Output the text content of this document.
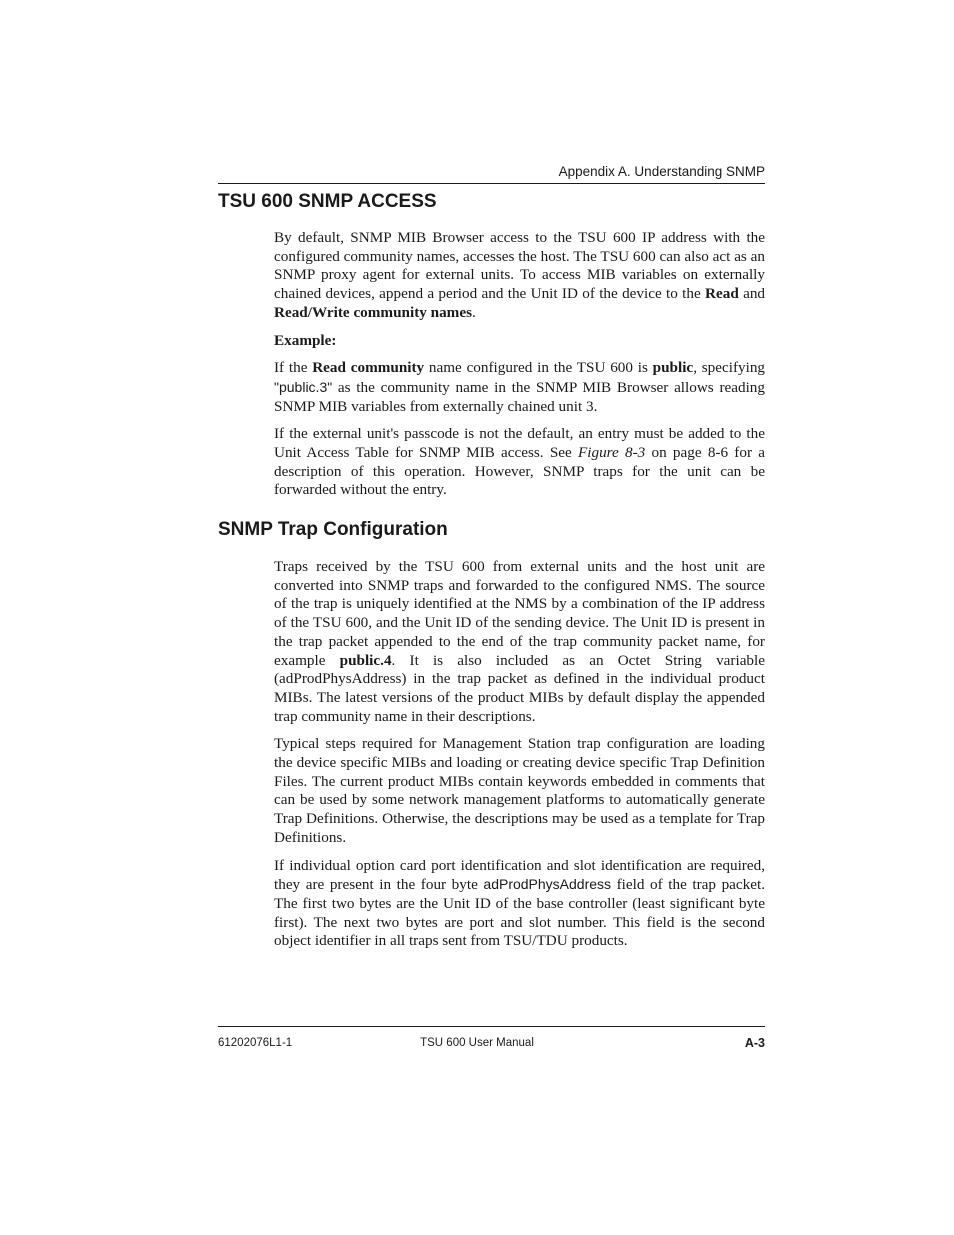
Appendix A. Understanding SNMP
TSU 600 SNMP ACCESS

By default, SNMP MIB Browser access to the TSU 600 IP address with the configured community names, accesses the host. The TSU 600 can also act as an SNMP proxy agent for external units. To access MIB variables on externally chained devices, append a period and the Unit ID of the device to the Read and Read/Write community names.

Example:

If the Read community name configured in the TSU 600 is public, specifying "public.3" as the community name in the SNMP MIB Browser allows reading SNMP MIB variables from externally chained unit 3.

If the external unit's passcode is not the default, an entry must be added to the Unit Access Table for SNMP MIB access. See Figure 8-3 on page 8-6 for a description of this operation. However, SNMP traps for the unit can be forwarded without the entry.

SNMP Trap Configuration

Traps received by the TSU 600 from external units and the host unit are converted into SNMP traps and forwarded to the configured NMS. The source of the trap is uniquely identified at the NMS by a combination of the IP address of the TSU 600, and the Unit ID of the sending device. The Unit ID is present in the trap packet appended to the end of the trap community packet name, for example public.4. It is also included as an Octet String variable (adProdPhysAddress) in the trap packet as defined in the individual product MIBs. The latest versions of the product MIBs by default display the appended trap community name in their descriptions.

Typical steps required for Management Station trap configuration are loading the device specific MIBs and loading or creating device specific Trap Definition Files. The current product MIBs contain keywords embedded in comments that can be used by some network management platforms to automatically generate Trap Definitions. Otherwise, the descriptions may be used as a template for Trap Definitions.

If individual option card port identification and slot identification are required, they are present in the four byte adProdPhysAddress field of the trap packet. The first two bytes are the Unit ID of the base controller (least significant byte first). The next two bytes are port and slot number. This field is the second object identifier in all traps sent from TSU/TDU products.

61202076L1-1	TSU 600 User Manual	A-3
